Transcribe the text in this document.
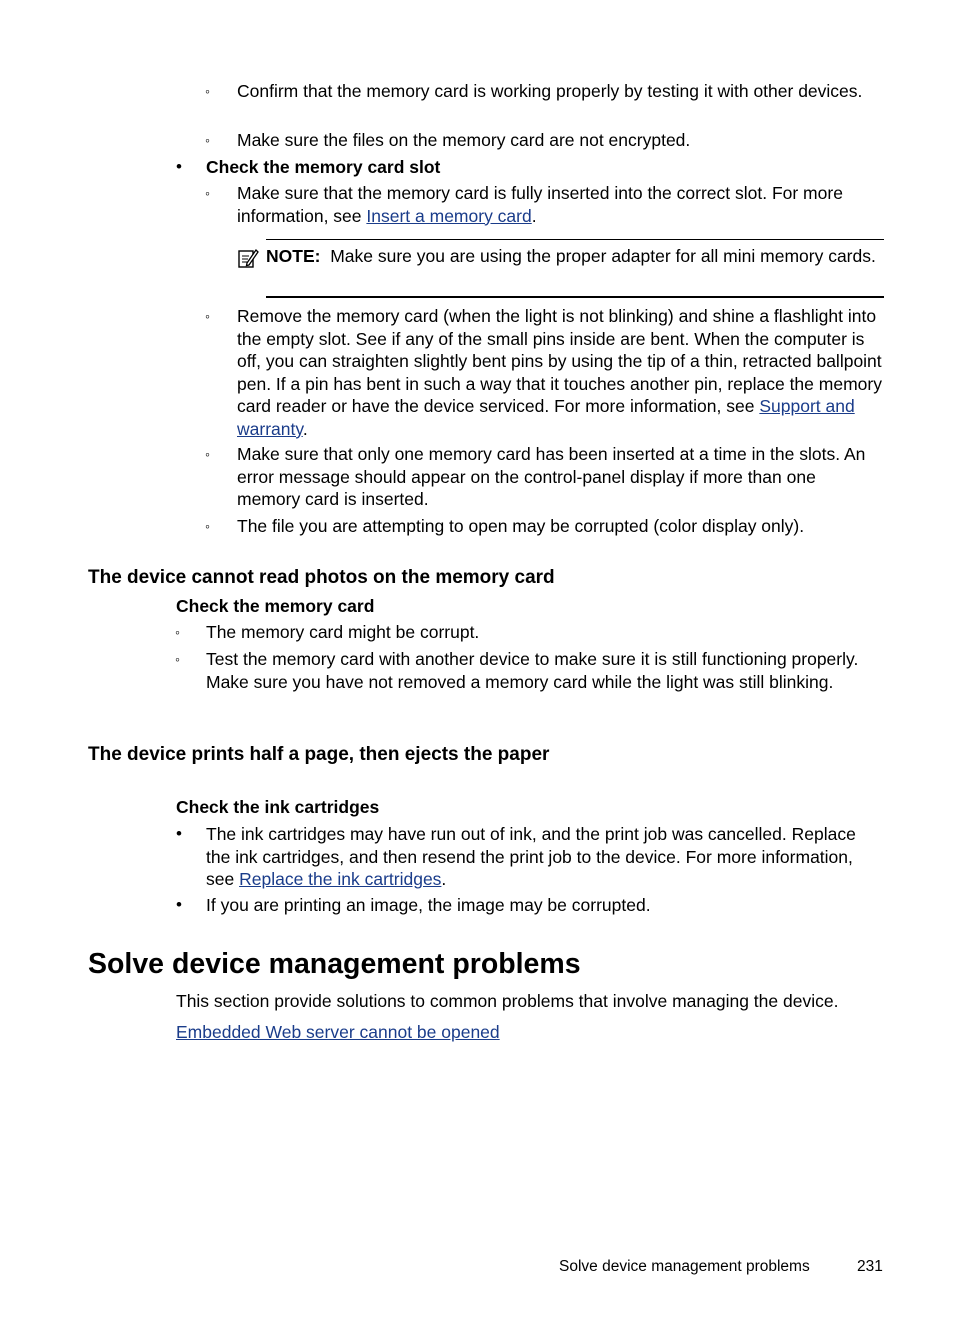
◦ Confirm that the memory card is working properly by testing it with other devices.
◦ Make sure the files on the memory card are not encrypted.
• Check the memory card slot
◦ Make sure that the memory card is fully inserted into the correct slot. For more information, see Insert a memory card.
NOTE: Make sure you are using the proper adapter for all mini memory cards.
◦ Remove the memory card (when the light is not blinking) and shine a flashlight into the empty slot. See if any of the small pins inside are bent. When the computer is off, you can straighten slightly bent pins by using the tip of a thin, retracted ballpoint pen. If a pin has bent in such a way that it touches another pin, replace the memory card reader or have the device serviced. For more information, see Support and warranty.
◦ Make sure that only one memory card has been inserted at a time in the slots. An error message should appear on the control-panel display if more than one memory card is inserted.
◦ The file you are attempting to open may be corrupted (color display only).
The device cannot read photos on the memory card
Check the memory card
◦ The memory card might be corrupt.
◦ Test the memory card with another device to make sure it is still functioning properly. Make sure you have not removed a memory card while the light was still blinking.
The device prints half a page, then ejects the paper
Check the ink cartridges
• The ink cartridges may have run out of ink, and the print job was cancelled. Replace the ink cartridges, and then resend the print job to the device. For more information, see Replace the ink cartridges.
• If you are printing an image, the image may be corrupted.
Solve device management problems
This section provide solutions to common problems that involve managing the device.
Embedded Web server cannot be opened
Solve device management problems	231
